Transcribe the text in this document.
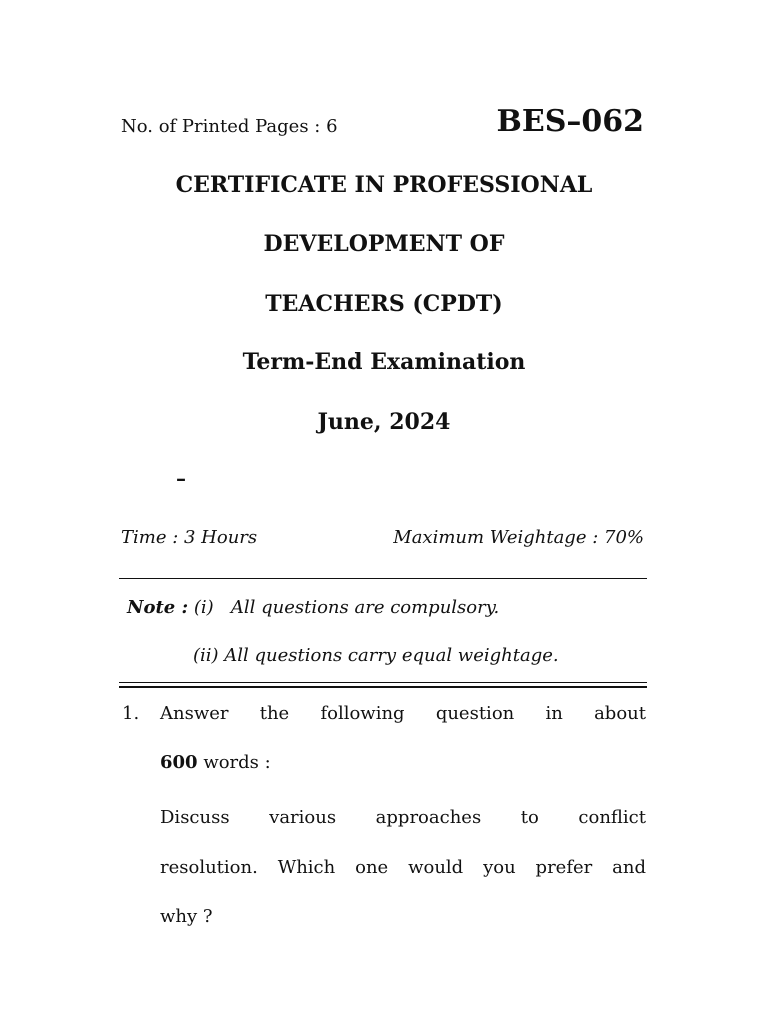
No. of Printed Pages : 6	BES–062
CERTIFICATE IN PROFESSIONAL
DEVELOPMENT OF
TEACHERS (CPDT)
Term-End Examination
June, 2024
–
Time : 3 Hours	Maximum Weightage : 70%
Note : (i) All questions are compulsory.
(ii) All questions carry equal weightage.
1. Answer the following question in about
600 words :
Discuss various approaches to conflict
resolution. Which one would you prefer and
why ?
